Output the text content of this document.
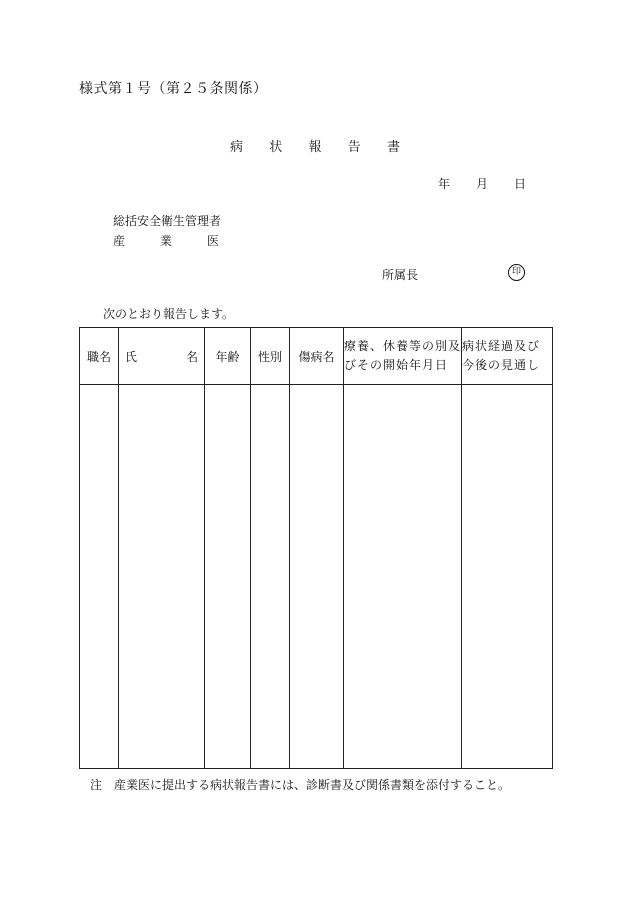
様式第１号（第２５条関係）
病 状 報 告 書
年	月	日
総括安全衛生管理者
産	業	医
所属長	印
次のとおり報告します。
職名	氏 名	年齢	性別	傷病名	療養、休養等の別及びその開始年月日	病状経過及び今後の見通し

注　産業医に提出する病状報告書には、診断書及び関係書類を添付すること。
